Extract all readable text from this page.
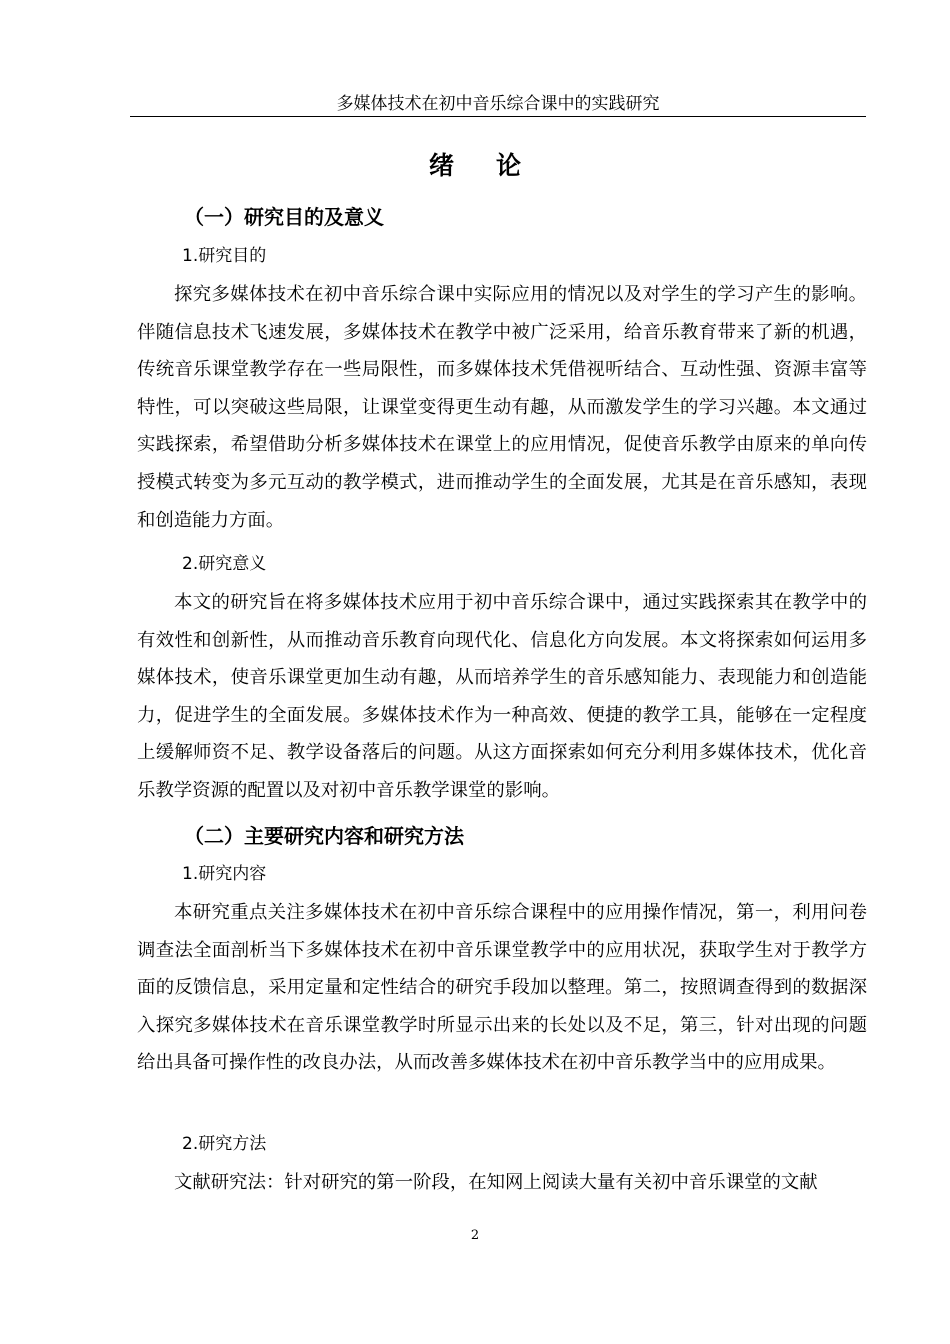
多媒体技术在初中音乐综合课中的实践研究
绪论
（一）研究目的及意义
1.研究目的

探究多媒体技术在初中音乐综合课中实际应用的情况以及对学生的学习产生的影响。伴随信息技术飞速发展，多媒体技术在教学中被广泛采用，给音乐教育带来了新的机遇，传统音乐课堂教学存在一些局限性，而多媒体技术凭借视听结合、互动性强、资源丰富等特性，可以突破这些局限，让课堂变得更生动有趣，从而激发学生的学习兴趣。本文通过实践探索，希望借助分析多媒体技术在课堂上的应用情况，促使音乐教学由原来的单向传授模式转变为多元互动的教学模式，进而推动学生的全面发展，尤其是在音乐感知，表现和创造能力方面。

2.研究意义

本文的研究旨在将多媒体技术应用于初中音乐综合课中，通过实践探索其在教学中的有效性和创新性，从而推动音乐教育向现代化、信息化方向发展。本文将探索如何运用多媒体技术，使音乐课堂更加生动有趣，从而培养学生的音乐感知能力、表现能力和创造能力，促进学生的全面发展。多媒体技术作为一种高效、便捷的教学工具，能够在一定程度上缓解师资不足、教学设备落后的问题。从这方面探索如何充分利用多媒体技术，优化音乐教学资源的配置以及对初中音乐教学课堂的影响。

（二）主要研究内容和研究方法
1.研究内容

本研究重点关注多媒体技术在初中音乐综合课程中的应用操作情况，第一，利用问卷调查法全面剖析当下多媒体技术在初中音乐课堂教学中的应用状况，获取学生对于教学方面的反馈信息，采用定量和定性结合的研究手段加以整理。第二，按照调查得到的数据深入探究多媒体技术在音乐课堂教学时所显示出来的长处以及不足，第三，针对出现的问题给出具备可操作性的改良办法，从而改善多媒体技术在初中音乐教学当中的应用成果。

2.研究方法

文献研究法：针对研究的第一阶段，在知网上阅读大量有关初中音乐课堂的文献

2
